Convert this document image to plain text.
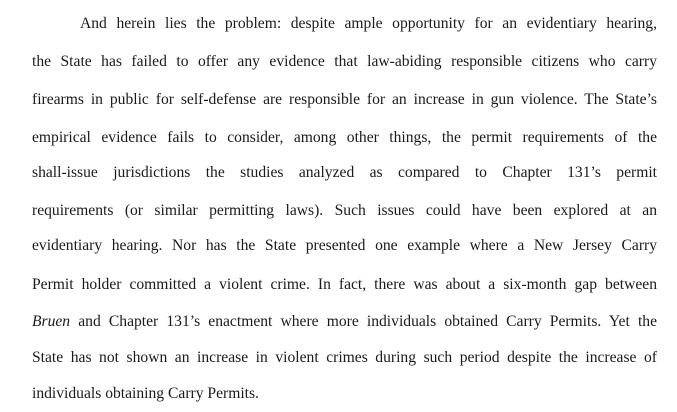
And herein lies the problem: despite ample opportunity for an evidentiary hearing,
the State has failed to offer any evidence that law-abiding responsible citizens who carry
firearms in public for self-defense are responsible for an increase in gun violence. The State’s
empirical evidence fails to consider, among other things, the permit requirements of the
shall-issue jurisdictions the studies analyzed as compared to Chapter 131’s permit
requirements (or similar permitting laws). Such issues could have been explored at an
evidentiary hearing. Nor has the State presented one example where a New Jersey Carry
Permit holder committed a violent crime. In fact, there was about a six-month gap between
Bruen and Chapter 131’s enactment where more individuals obtained Carry Permits. Yet the
State has not shown an increase in violent crimes during such period despite the increase of
individuals obtaining Carry Permits.
